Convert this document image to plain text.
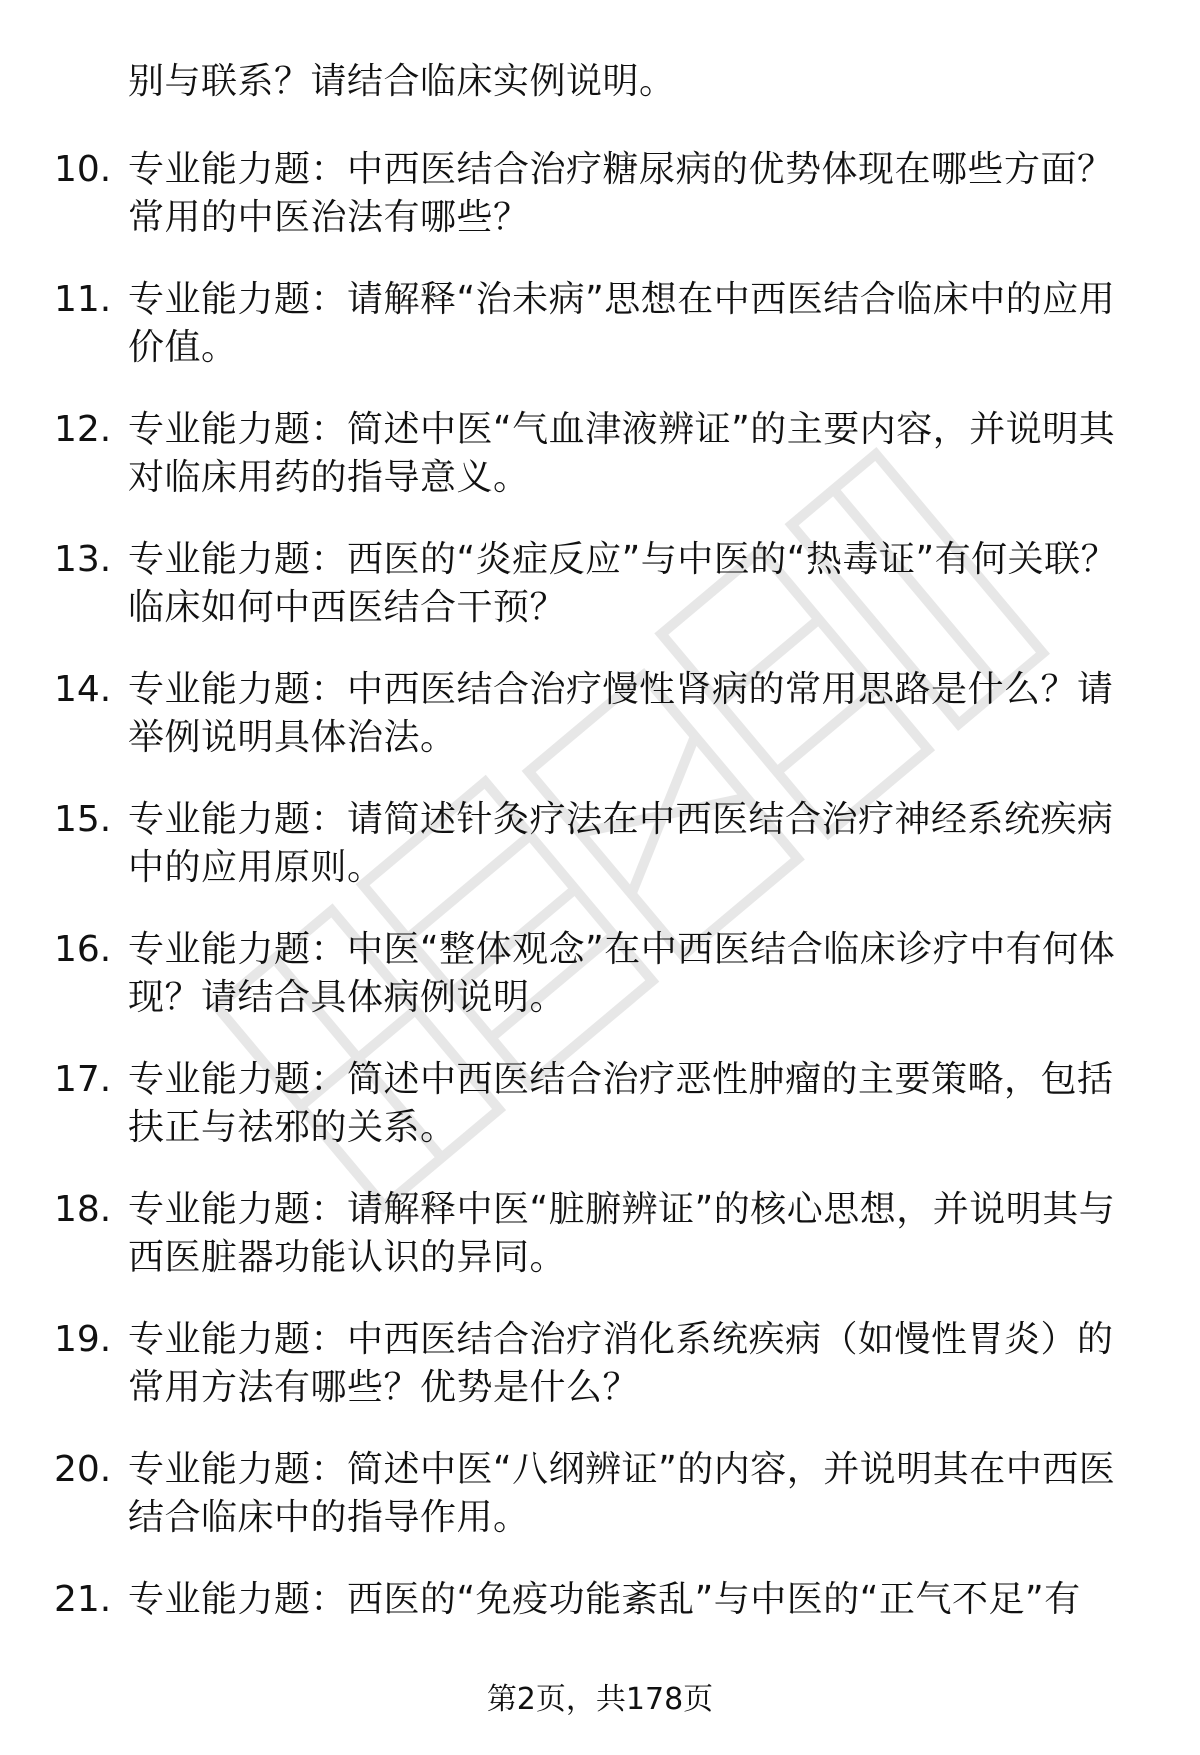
别与联系？请结合临床实例说明。
10. 专业能力题：中西医结合治疗糖尿病的优势体现在哪些方面？常用的中医治法有哪些？
11. 专业能力题：请解释“治未病”思想在中西医结合临床中的应用价值。
12. 专业能力题：简述中医“气血津液辨证”的主要内容，并说明其对临床用药的指导意义。
13. 专业能力题：西医的“炎症反应”与中医的“热毒证”有何关联？临床如何中西医结合干预？
14. 专业能力题：中西医结合治疗慢性肾病的常用思路是什么？请举例说明具体治法。
15. 专业能力题：请简述针灸疗法在中西医结合治疗神经系统疾病中的应用原则。
16. 专业能力题：中医“整体观念”在中西医结合临床诊疗中有何体现？请结合具体病例说明。
17. 专业能力题：简述中西医结合治疗恶性肿瘤的主要策略，包括扶正与祛邪的关系。
18. 专业能力题：请解释中医“脏腑辨证”的核心思想，并说明其与西医脏器功能认识的异同。
19. 专业能力题：中西医结合治疗消化系统疾病（如慢性胃炎）的常用方法有哪些？优势是什么？
20. 专业能力题：简述中医“八纲辨证”的内容，并说明其在中西医结合临床中的指导作用。
21. 专业能力题：西医的“免疫功能紊乱”与中医的“正气不足”有
第2页，共178页
